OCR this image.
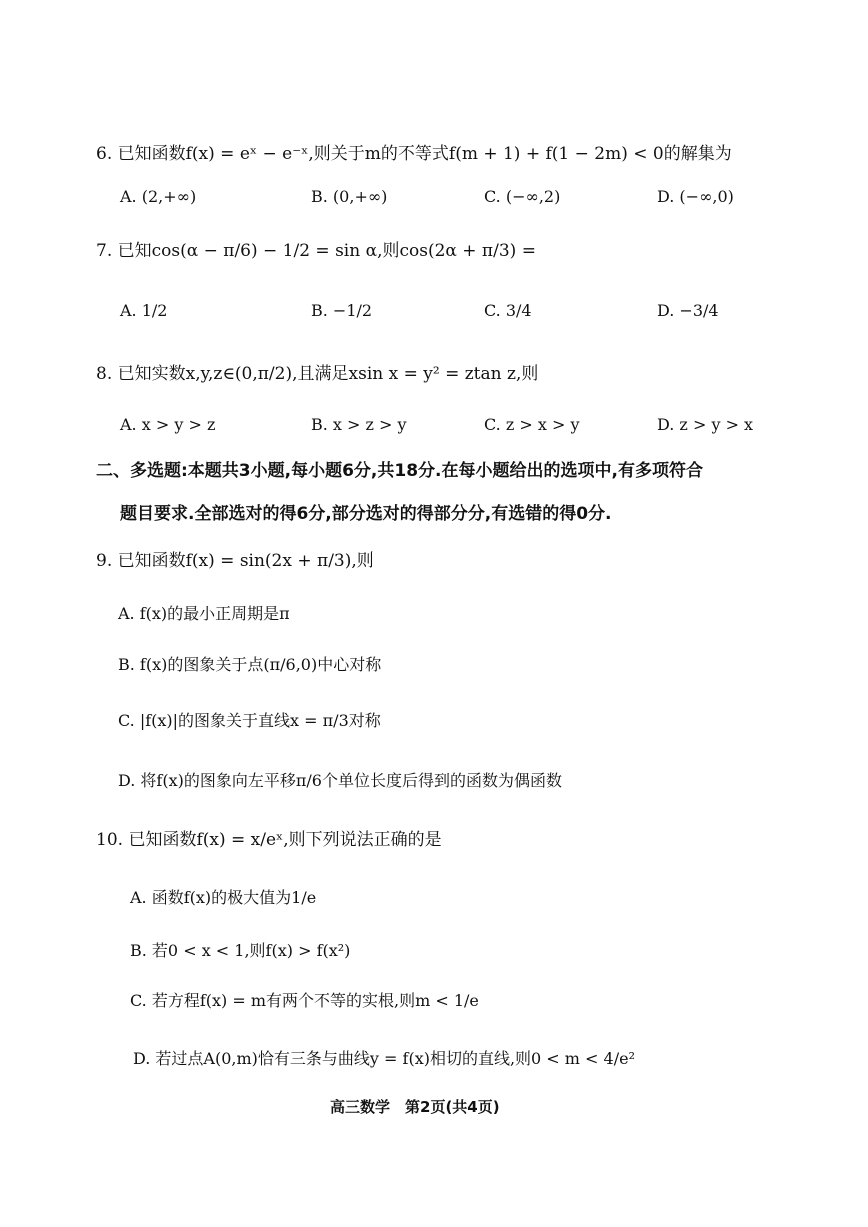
6. 已知函数f(x) = eˣ − e⁻ˣ,则关于m的不等式f(m + 1) + f(1 − 2m) < 0的解集为
A. (2,+∞)	B. (0,+∞)	C. (−∞,2)	D. (−∞,0)
7. 已知cos(α − π/6) − 1/2 = sin α,则cos(2α + π/3) =
A. 1/2	B. −1/2	C. 3/4	D. −3/4
8. 已知实数x,y,z∈(0,π/2),且满足xsin x = y² = ztan z,则
A. x > y > z	B. x > z > y	C. z > x > y	D. z > y > x
二、多选题:本题共3小题,每小题6分,共18分.在每小题给出的选项中,有多项符合
题目要求.全部选对的得6分,部分选对的得部分分,有选错的得0分.
9. 已知函数f(x) = sin(2x + π/3),则
A. f(x)的最小正周期是π
B. f(x)的图象关于点(π/6,0)中心对称
C. |f(x)|的图象关于直线x = π/3对称
D. 将f(x)的图象向左平移π/6个单位长度后得到的函数为偶函数
10. 已知函数f(x) = x/eˣ,则下列说法正确的是
A. 函数f(x)的极大值为1/e
B. 若0 < x < 1,则f(x) > f(x²)
C. 若方程f(x) = m有两个不等的实根,则m < 1/e
D. 若过点A(0,m)恰有三条与曲线y = f(x)相切的直线,则0 < m < 4/e²
高三数学　第2页(共4页)
